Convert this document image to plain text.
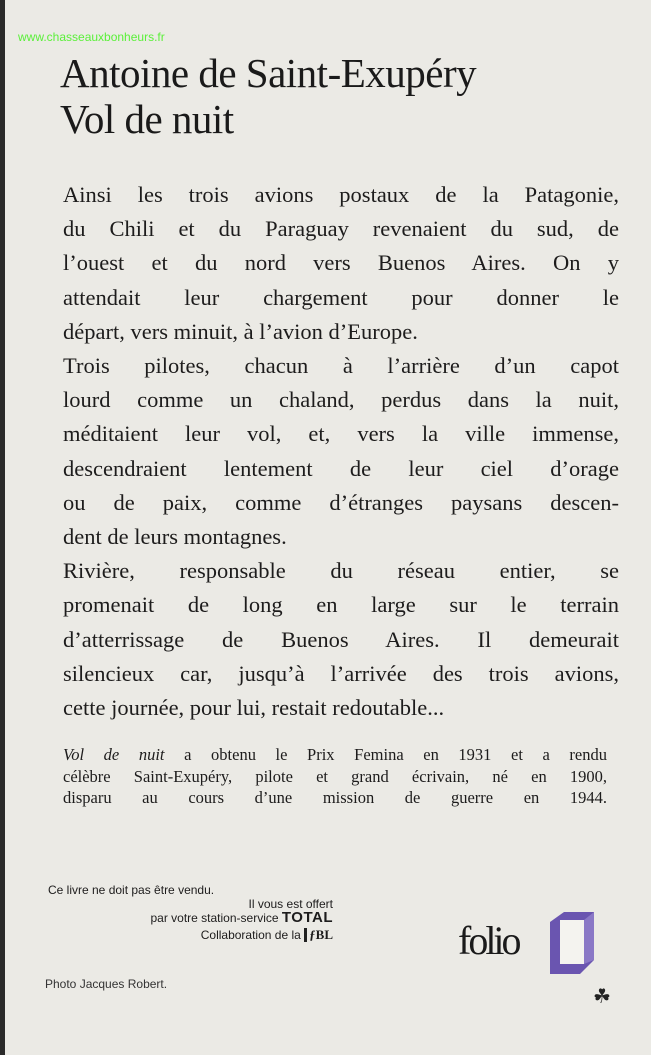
www.chasseauxbonheurs.fr
Antoine de Saint-Exupéry
Vol de nuit
Ainsi les trois avions postaux de la Patagonie,
du Chili et du Paraguay revenaient du sud, de
l’ouest et du nord vers Buenos Aires. On y
attendait leur chargement pour donner le
départ, vers minuit, à l’avion d’Europe.
Trois pilotes, chacun à l’arrière d’un capot
lourd comme un chaland, perdus dans la nuit,
méditaient leur vol, et, vers la ville immense,
descendraient lentement de leur ciel d’orage
ou de paix, comme d’étranges paysans descen-
dent de leurs montagnes.
Rivière, responsable du réseau entier, se
promenait de long en large sur le terrain
d’atterrissage de Buenos Aires. Il demeurait
silencieux car, jusqu’à l’arrivée des trois avions,
cette journée, pour lui, restait redoutable...
Vol de nuit a obtenu le Prix Femina en 1931 et a rendu
célèbre Saint-Exupéry, pilote et grand écrivain, né en 1900,
disparu au cours d’une mission de guerre en 1944.
Ce livre ne doit pas être vendu.
Il vous est offert
par votre station-service TOTAL
Collaboration de la ƒBL
Photo Jacques Robert.
folio
☘
